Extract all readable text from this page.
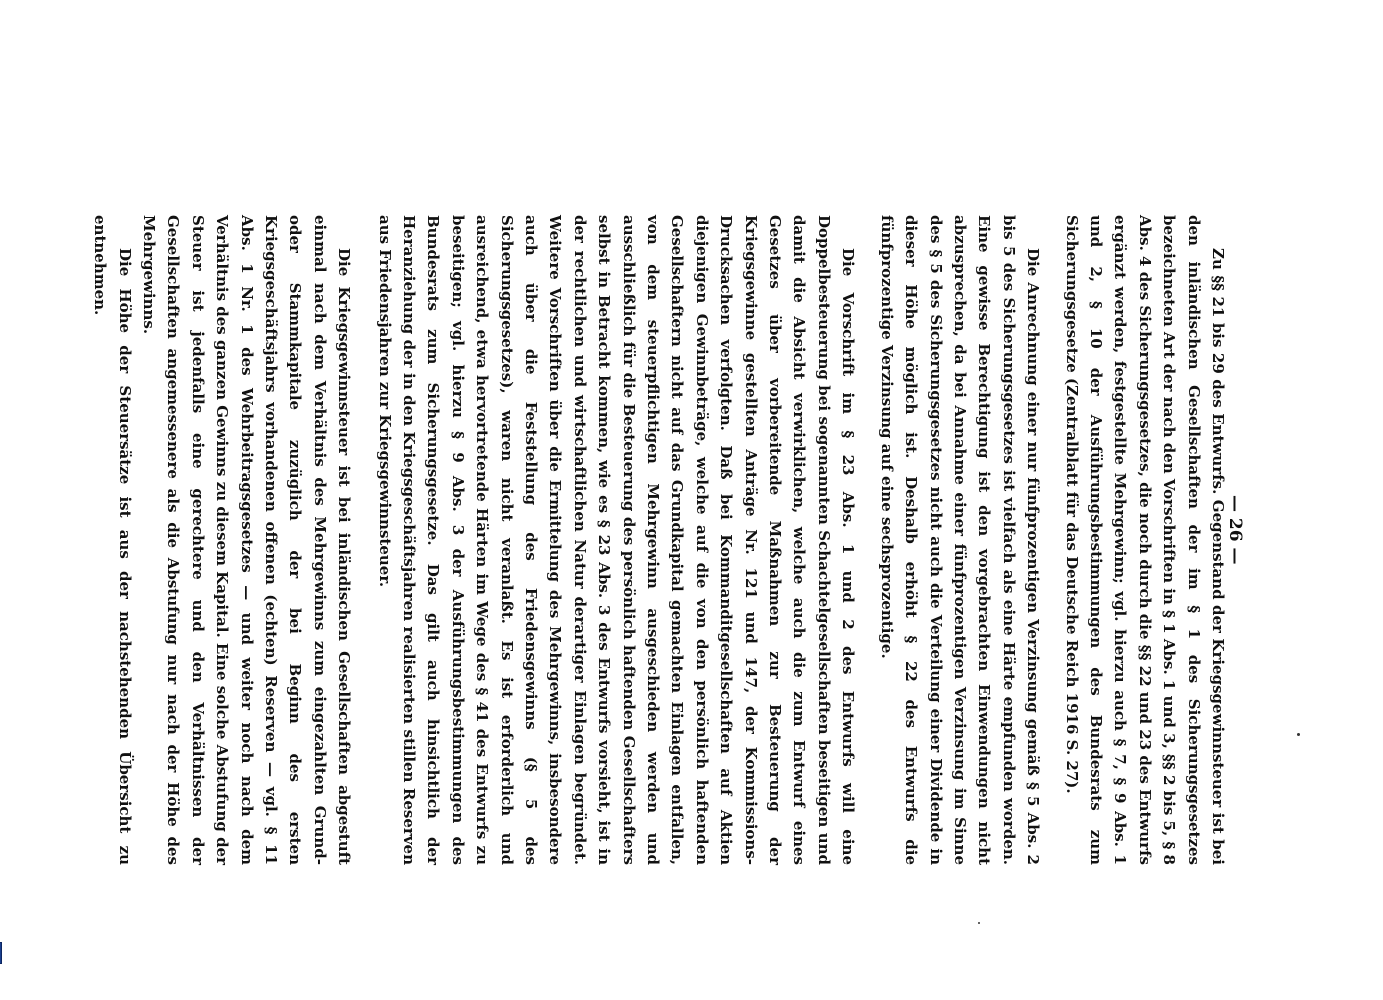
— 26 —

Zu §§ 21 bis 29 des Entwurfs. Gegenstand der Kriegsgewinnsteuer ist bei den inländischen Gesellschaften der im § 1 des Sicherungsgesetzes bezeichneten Art der nach den Vorschriften in § 1 Abs. 1 und 3, §§ 2 bis 5, § 8 Abs. 4 des Sicherungsgesetzes, die noch durch die §§ 22 und 23 des Entwurfs ergänzt werden, festgestellte Mehrgewinn; vgl. hierzu auch § 7, § 9 Abs. 1 und 2, § 10 der Ausführungsbestimmungen des Bundesrats zum Sicherungsgesetze (Zentralblatt für das Deutsche Reich 1916 S. 27).

Die Anrechnung einer nur fünfprozentigen Verzinsung gemäß § 5 Abs. 2 bis 5 des Sicherungsgesetzes ist vielfach als eine Härte empfunden worden. Eine gewisse Berechtigung ist den vorgebrachten Einwendungen nicht abzusprechen, da bei Annahme einer fünfprozentigen Verzinsung im Sinne des § 5 des Sicherungsgesetzes nicht auch die Verteilung einer Dividende in dieser Höhe möglich ist. Deshalb erhöht § 22 des Entwurfs die fünfprozentige Verzinsung auf eine sechsprozentige.

Die Vorschrift im § 23 Abs. 1 und 2 des Entwurfs will eine Doppelbesteuerung bei sogenannten Schachtelgesellschaften beseitigen und damit die Absicht verwirklichen, welche auch die zum Entwurf eines Gesetzes über vorbereitende Maßnahmen zur Besteuerung der Kriegsgewinne gestellten Anträge Nr. 121 und 147, der Kommissions-Drucksachen verfolgten. Daß bei Kommanditgesellschaften auf Aktien diejenigen Gewinnbeträge, welche auf die von den persönlich haftenden Gesellschaftern nicht auf das Grundkapital gemachten Einlagen entfallen, von dem steuerpflichtigen Mehrgewinn ausgeschieden werden und ausschließlich für die Besteuerung des persönlich haftenden Gesellschafters selbst in Betracht kommen, wie es § 23 Abs. 3 des Entwurfs vorsieht, ist in der rechtlichen und wirtschaftlichen Natur derartiger Einlagen begründet. Weitere Vorschriften über die Ermittelung des Mehrgewinns, insbesondere auch über die Feststellung des Friedensgewinns (§ 5 des Sicherungsgesetzes), waren nicht veranlaßt. Es ist erforderlich und ausreichend, etwa hervortretende Härten im Wege des § 41 des Entwurfs zu beseitigen; vgl. hierzu § 9 Abs. 3 der Ausführungsbestimmungen des Bundesrats zum Sicherungsgesetze. Das gilt auch hinsichtlich der Heranziehung der in den Kriegsgeschäftsjahren realisierten stillen Reserven aus Friedensjahren zur Kriegsgewinnsteuer.

Die Kriegsgewinnsteuer ist bei inländischen Gesellschaften abgestuft einmal nach dem Verhältnis des Mehrgewinns zum eingezahlten Grund- oder Stammkapitale zuzüglich der bei Beginn des ersten Kriegsgeschäftsjahrs vorhandenen offenen (echten) Reserven — vgl. § 11 Abs. 1 Nr. 1 des Wehrbeitragsgesetzes — und weiter noch nach dem Verhältnis des ganzen Gewinns zu diesem Kapital. Eine solche Abstufung der Steuer ist jedenfalls eine gerechtere und den Verhältnissen der Gesellschaften angemessenere als die Abstufung nur nach der Höhe des Mehrgewinns.

Die Höhe der Steuersätze ist aus der nachstehenden Übersicht zu entnehmen.
